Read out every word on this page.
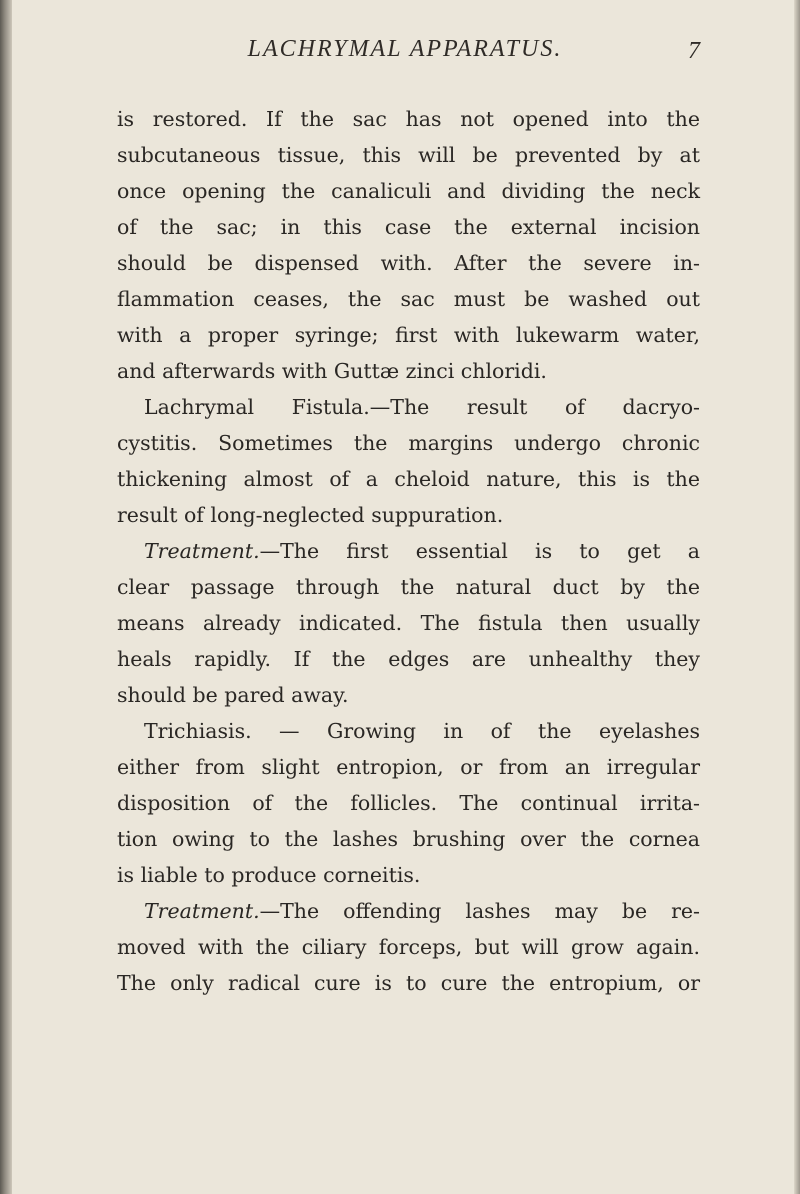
LACHRYMAL APPARATUS.	7
is restored. If the sac has not opened into the
subcutaneous tissue, this will be prevented by at
once opening the canaliculi and dividing the neck
of the sac; in this case the external incision
should be dispensed with. After the severe in-
flammation ceases, the sac must be washed out
with a proper syringe; first with lukewarm water,
and afterwards with Guttæ zinci chloridi.
Lachrymal Fistula.—The result of dacryo-
cystitis. Sometimes the margins undergo chronic
thickening almost of a cheloid nature, this is the
result of long-neglected suppuration.
Treatment.—The first essential is to get a
clear passage through the natural duct by the
means already indicated. The fistula then usually
heals rapidly. If the edges are unhealthy they
should be pared away.
Trichiasis. — Growing in of the eyelashes
either from slight entropion, or from an irregular
disposition of the follicles. The continual irrita-
tion owing to the lashes brushing over the cornea
is liable to produce corneitis.
Treatment.—The offending lashes may be re-
moved with the ciliary forceps, but will grow again.
The only radical cure is to cure the entropium, or
